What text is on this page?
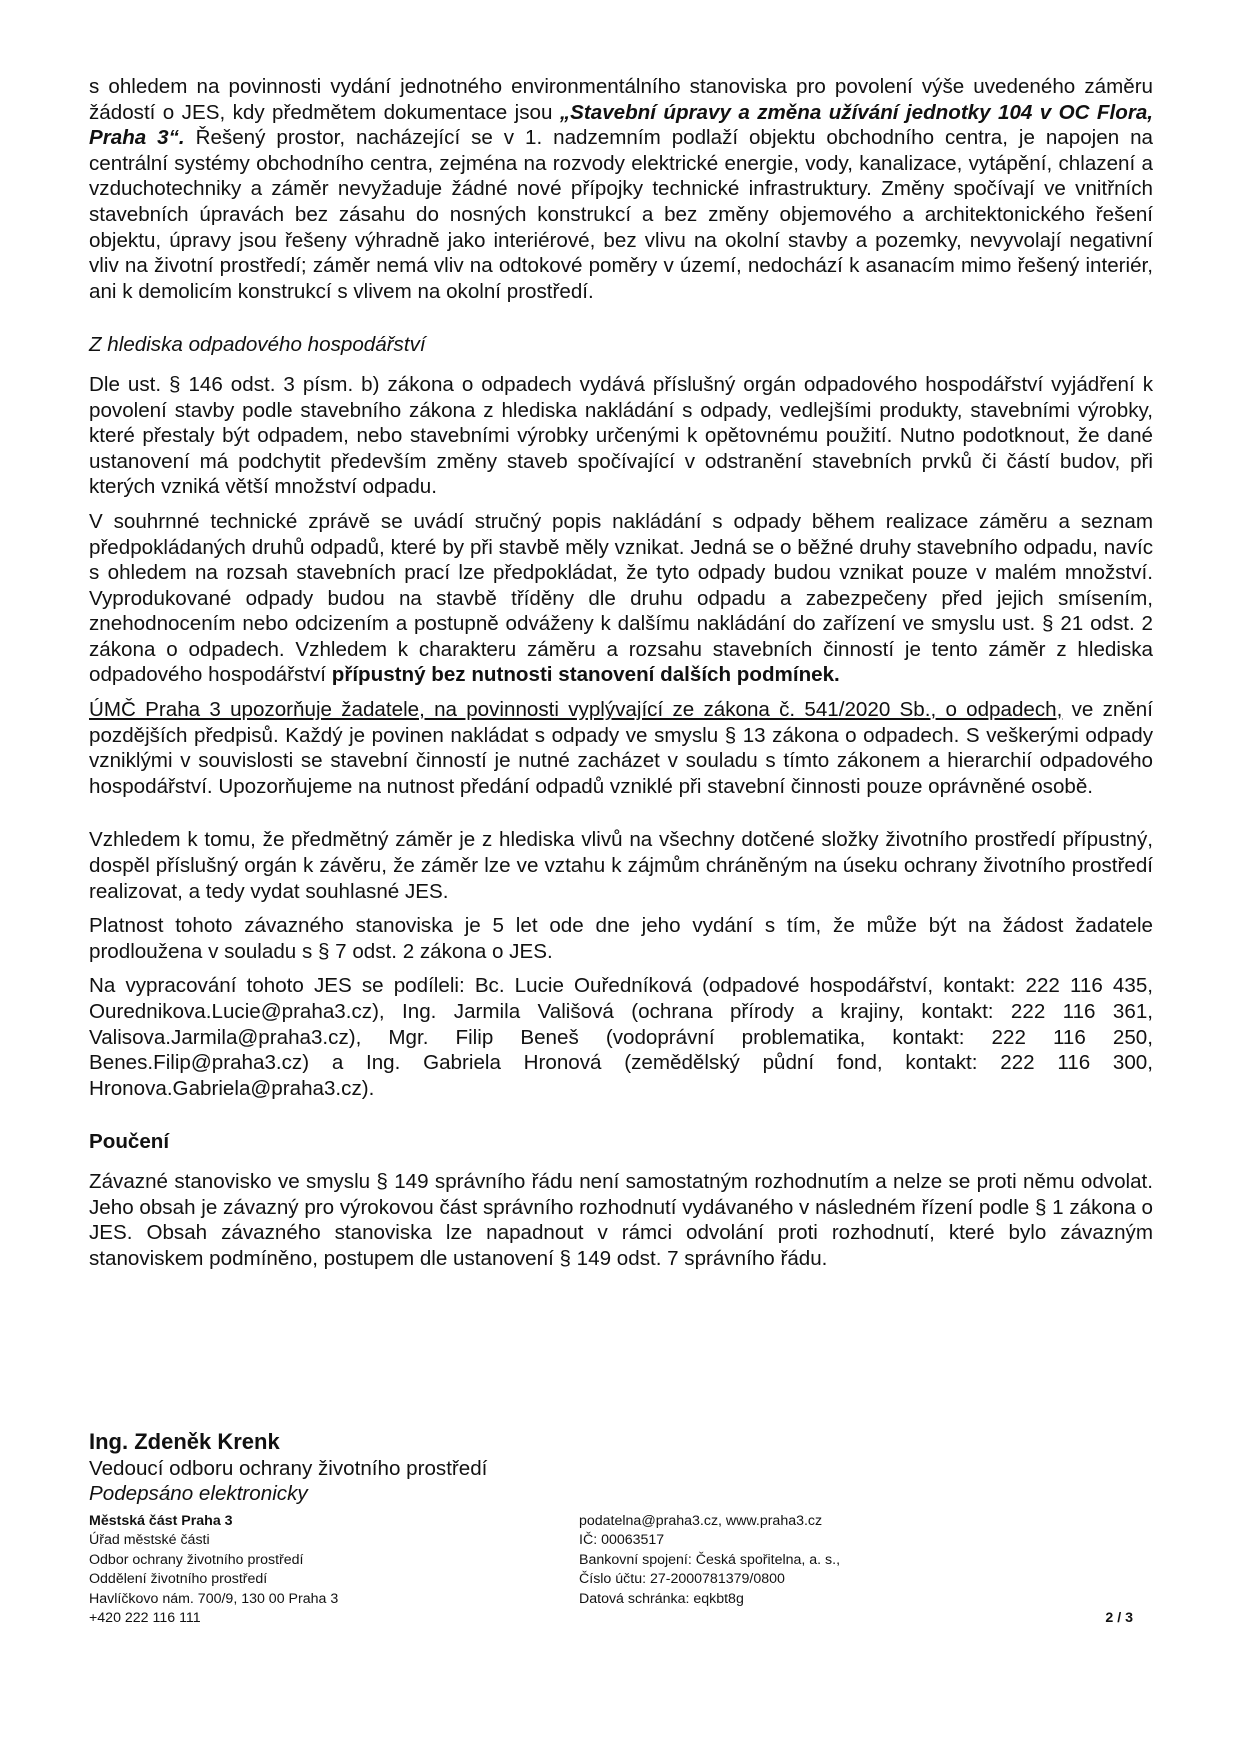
s ohledem na povinnosti vydání jednotného environmentálního stanoviska pro povolení výše uvedeného záměru žádostí o JES, kdy předmětem dokumentace jsou „Stavební úpravy a změna užívání jednotky 104 v OC Flora, Praha 3“. Řešený prostor, nacházející se v 1. nadzemním podlaží objektu obchodního centra, je napojen na centrální systémy obchodního centra, zejména na rozvody elektrické energie, vody, kanalizace, vytápění, chlazení a vzduchotechniky a záměr nevyžaduje žádné nové přípojky technické infrastruktury. Změny spočívají ve vnitřních stavebních úpravách bez zásahu do nosných konstrukcí a bez změny objemového a architektonického řešení objektu, úpravy jsou řešeny výhradně jako interiérové, bez vlivu na okolní stavby a pozemky, nevyvolají negativní vliv na životní prostředí; záměr nemá vliv na odtokové poměry v území, nedochází k asanacím mimo řešený interiér, ani k demolicím konstrukcí s vlivem na okolní prostředí.

Z hlediska odpadového hospodářství

Dle ust. § 146 odst. 3 písm. b) zákona o odpadech vydává příslušný orgán odpadového hospodářství vyjádření k povolení stavby podle stavebního zákona z hlediska nakládání s odpady, vedlejšími produkty, stavebními výrobky, které přestaly být odpadem, nebo stavebními výrobky určenými k opětovnému použití. Nutno podotknout, že dané ustanovení má podchytit především změny staveb spočívající v odstranění stavebních prvků či částí budov, při kterých vzniká větší množství odpadu.

V souhrnné technické zprávě se uvádí stručný popis nakládání s odpady během realizace záměru a seznam předpokládaných druhů odpadů, které by při stavbě měly vznikat. Jedná se o běžné druhy stavebního odpadu, navíc s ohledem na rozsah stavebních prací lze předpokládat, že tyto odpady budou vznikat pouze v malém množství. Vyprodukované odpady budou na stavbě tříděny dle druhu odpadu a zabezpečeny před jejich smísením, znehodnocením nebo odcizením a postupně odváženy k dalšímu nakládání do zařízení ve smyslu ust. § 21 odst. 2 zákona o odpadech. Vzhledem k charakteru záměru a rozsahu stavebních činností je tento záměr z hlediska odpadového hospodářství přípustný bez nutnosti stanovení dalších podmínek.

ÚMČ Praha 3 upozorňuje žadatele, na povinnosti vyplývající ze zákona č. 541/2020 Sb., o odpadech, ve znění pozdějších předpisů. Každý je povinen nakládat s odpady ve smyslu § 13 zákona o odpadech. S veškerými odpady vzniklými v souvislosti se stavební činností je nutné zacházet v souladu s tímto zákonem a hierarchií odpadového hospodářství. Upozorňujeme na nutnost předání odpadů vzniklé při stavební činnosti pouze oprávněné osobě.

Vzhledem k tomu, že předmětný záměr je z hlediska vlivů na všechny dotčené složky životního prostředí přípustný, dospěl příslušný orgán k závěru, že záměr lze ve vztahu k zájmům chráněným na úseku ochrany životního prostředí realizovat, a tedy vydat souhlasné JES.

Platnost tohoto závazného stanoviska je 5 let ode dne jeho vydání s tím, že může být na žádost žadatele prodloužena v souladu s § 7 odst. 2 zákona o JES.

Na vypracování tohoto JES se podíleli: Bc. Lucie Ouředníková (odpadové hospodářství, kontakt: 222 116 435, Ourednikova.Lucie@praha3.cz), Ing. Jarmila Vališová (ochrana přírody a krajiny, kontakt: 222 116 361, Valisova.Jarmila@praha3.cz), Mgr. Filip Beneš (vodoprávní problematika, kontakt: 222 116 250, Benes.Filip@praha3.cz) a Ing. Gabriela Hronová (zemědělský půdní fond, kontakt: 222 116 300, Hronova.Gabriela@praha3.cz).

Poučení

Závazné stanovisko ve smyslu § 149 správního řádu není samostatným rozhodnutím a nelze se proti němu odvolat. Jeho obsah je závazný pro výrokovou část správního rozhodnutí vydávaného v následném řízení podle § 1 zákona o JES. Obsah závazného stanoviska lze napadnout v rámci odvolání proti rozhodnutí, které bylo závazným stanoviskem podmíněno, postupem dle ustanovení § 149 odst. 7 správního řádu.

Ing. Zdeněk Krenk
Vedoucí odboru ochrany životního prostředí
Podepsáno elektronicky
Městská část Praha 3
Úřad městské části
Odbor ochrany životního prostředí
Oddělení životního prostředí
Havlíčkovo nám. 700/9, 130 00 Praha 3
+420 222 116 111
podatelna@praha3.cz, www.praha3.cz
IČ: 00063517
Bankovní spojení: Česká spořitelna, a. s.,
Číslo účtu: 27-2000781379/0800
Datová schránka: eqkbt8g
2 / 3
